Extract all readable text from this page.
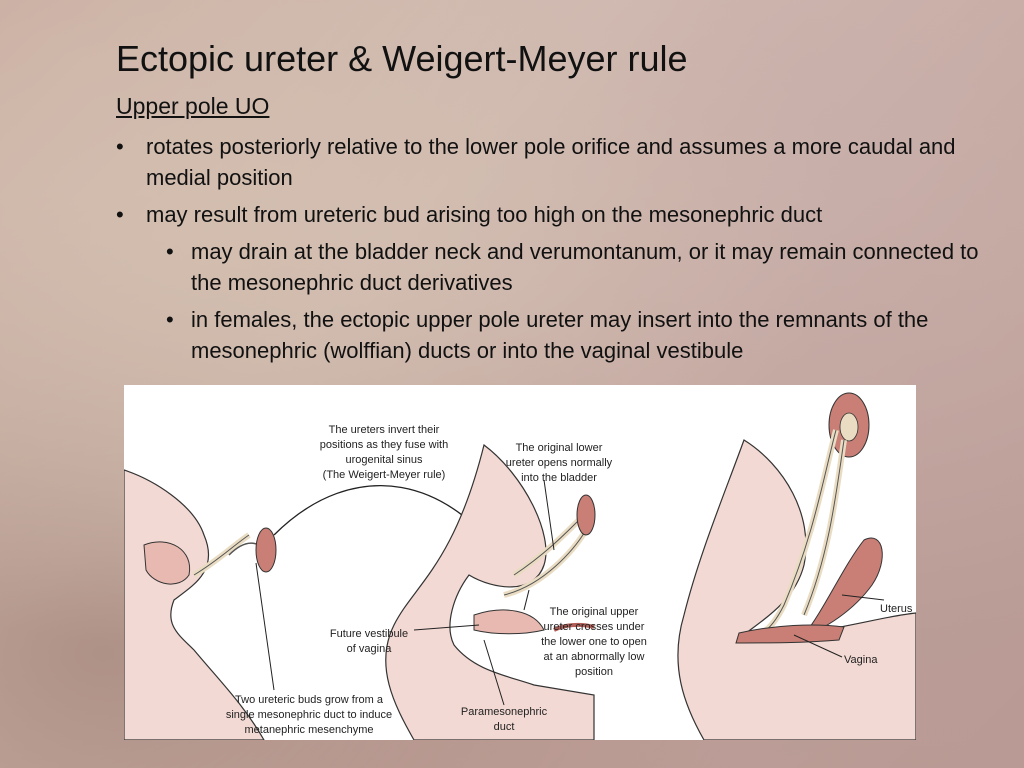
Ectopic ureter & Weigert-Meyer rule
Upper pole UO
• rotates posteriorly relative to the lower pole orifice and assumes a more caudal and medial position
• may result from ureteric bud arising too high on the mesonephric duct
• may drain at the bladder neck and verumontanum, or it may remain connected to the mesonephric duct derivatives
• in females, the ectopic upper pole ureter may insert into the remnants of the mesonephric (wolffian) ducts or into the vaginal vestibule
The ureters invert their
positions as they fuse with
urogenital sinus
(The Weigert-Meyer rule)
The original lower
ureter opens normally
into the bladder
Future vestibule
of vagina
The original upper
ureter crosses under
the lower one to open
at an abnormally low
position
Two ureteric buds grow from a
single mesonephric duct to induce
metanephric mesenchyme
Paramesonephric
duct
Uterus
Vagina
